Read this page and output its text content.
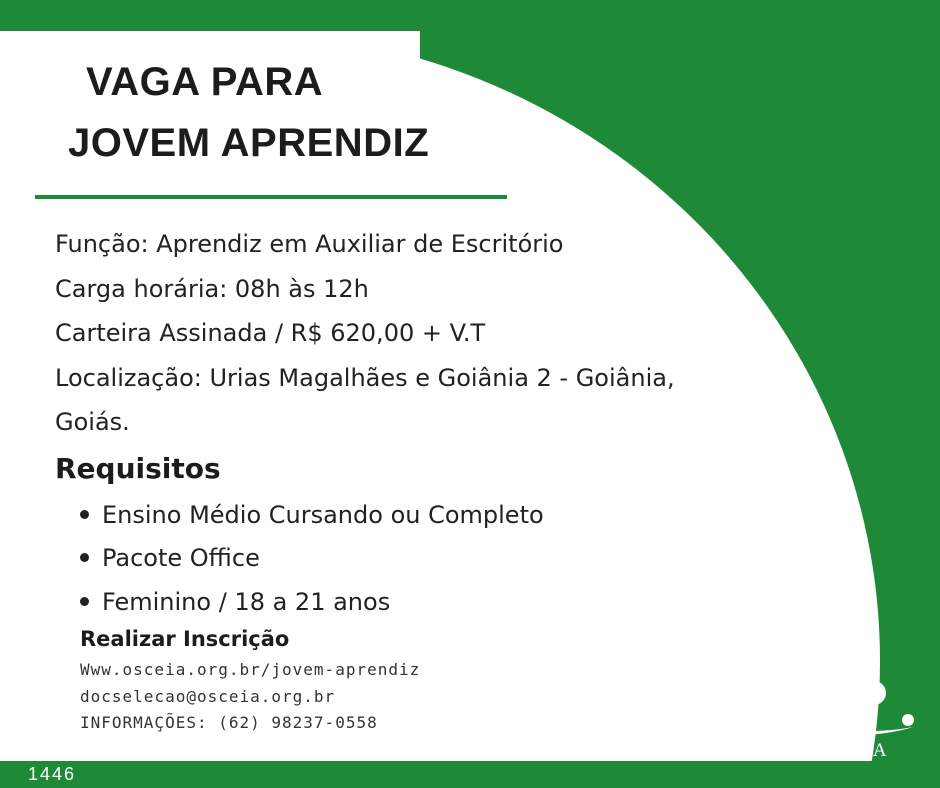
VAGA PARA
JOVEM APRENDIZ
Função: Aprendiz em Auxiliar de Escritório
Carga horária: 08h às 12h
Carteira Assinada / R$ 620,00 + V.T
Localização: Urias Magalhães e Goiânia 2 - Goiânia,
Goiás.
Requisitos
Ensino Médio Cursando ou Completo
Pacote Office
Feminino / 18 a 21 anos
Realizar Inscrição
Www.osceia.org.br/jovem-aprendiz
docselecao@osceia.org.br
INFORMAÇÕES: (62) 98237-0558
1446
OSCEIA
